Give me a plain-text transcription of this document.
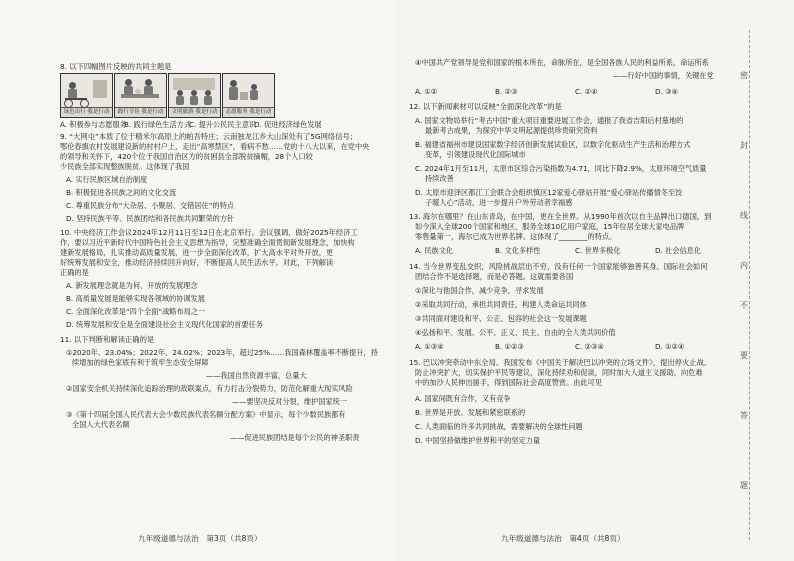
8. 以下四幅图片反映的共同主题是
绿色出行 我是行动	践行节俭 我是行动	文明旅游 我是行动	志愿服务 我是行动
A. 积极参与志愿服务
B. 践行绿色生活方式
C. 提升公民民主意识
D. 促进经济绿色发展
9. “大网屯”本质了位于精米尔高原上的帕吾特庄；云南独龙江乡大山深处有了5G网络信号；
鄂伦春旗农村发展建设新的村村户上，走出“高寒禁区”，看病不愁……党的十八大以来，在党中央
的领导和关怀下，420个位于我国自治区方的贫困县全部脱贫摘帽，28个人口较
少民族全部实现整族脱贫。这体现了我国
A. 实行民族区域自治制度
B. 积极促进各民族之间的文化交流
C. 尊重民族分布“大杂居、小聚居、交错居住”的特点
D. 坚持民族平等、民族团结和各民族共同繁荣的方针
10. 中央经济工作会议2024年12月11日至12日在北京举行。会议强调，做好2025年经济工
作，要以习近平新时代中国特色社会主义思想为指导，完整准确全面贯彻新发展理念，加快构
建新发展格局，扎实推动高质量发展，进一步全面深化改革，扩大高水平对外开放，更
好统筹发展和安全，推动经济持续回升向好，不断提高人民生活水平。对此，下列解读
正确的是
A. 新发展理念就是为何、开放的发展理念
B. 高质量发展是能够实现各领域的协调发展
C. 全面深化改革是“四个全面”战略布局之一
D. 统筹发展和安全是全面建设社会主义现代化国家的首要任务
11. 以下判断和解读正确的是
①2020年、23.04%；2022年、24.02%；2023年，超过25%……我国森林覆盖率不断提升，持
续增加的绿色家底有利于筑牢生态安全屏障
——我国自然资源丰富，总量大
②国家安全机关持续深化追踪治理的敌联案点，有力打击分裂势力，防范化解重大现实风险
——要坚决反对分裂，维护国家统一
③《第十四届全国人民代表大会少数民族代表名额分配方案》中显示，每个少数民族都有
全国人大代表名额
——促进民族团结是每个公民的神圣职责
九年级道德与法治　第3页（共8页）
④中国共产党领导是党和国家的根本所在，命脉所在，是全国各族人民的利益所系，命运所系
——行好中国的事情，关键在党
A. ①②	B. ②③	C. ②④	D. ③④
12. 以下新闻素材可以反映“全面深化改革”的是
A. 国家文物局举行“考古中国”重大项目重要进展工作会，通报了我省吉阳后村墓地的
最新考古成果，为探究中华文明起源提供珍贵研究资料
B. 福建省福州市建设国家数字经济创新发展试验区，以数字化驱动生产生活和治理方式
变革，引领建设现代化国际城市
C. 2024年1月至11月，太原市区综合污染指数为4.71，同比下降2.9%，太原环境空气质量
持续改善
D. 太原市迎泽区都江工会联合会组织慎区12家爱心驿站开展“爱心驿站传播情冬至饺
子暖人心”活动，进一步提升户外劳动者幸福感
13. 海尔在哪里？在山东青岛，在中国，更在全世界。从1990年首次以自主品牌出口德国，到
如今深入全球200个国家和地区，服务全球10亿用户家庭，15年位居全球大家电品牌
零售量第一，海尔已成为世界名牌。这体现了________的特点。
A. 民族文化	B. 文化多样性	C. 世界多极化	D. 社会信息化
14. 当今世界变乱交织，风险挑战层出不穷，没有任何一个国家能够独善其身。国际社会如何
团结合作不是选择题，而是必答题。这就需要各国
①深化与他国合作，减少竞争，寻求发展
②采取共同行动，承担共同责任，构建人类命运共同体
③共同面对建设和平、公正、包容的社会这一发展课题
④弘扬和平、发展、公平、正义、民主、自由的全人类共同价值
A. ①③④	B. ①②③	C. ②③④	D. ①②④
15. 巴以冲突牵动中东全局。我国发布《中国关于解决巴以冲突的立场文件》，提出停火止战、
防止冲突扩大，切实保护平民等建议，深化持续劝和促谈，同时加大人道主义援助，向危难
中的加沙人民伸出援手，得到国际社会高度赞赏。由此可见
A. 国家间既有合作，又有竞争
B. 世界是开放、发展和紧密联系的
C. 人类面临的许多共同挑战，需要解决的全球性问题
D. 中国坚持做维护世界和平的坚定力量
九年级道德与法治　第4页（共8页）
密
封
线
内
不
要
答
题
